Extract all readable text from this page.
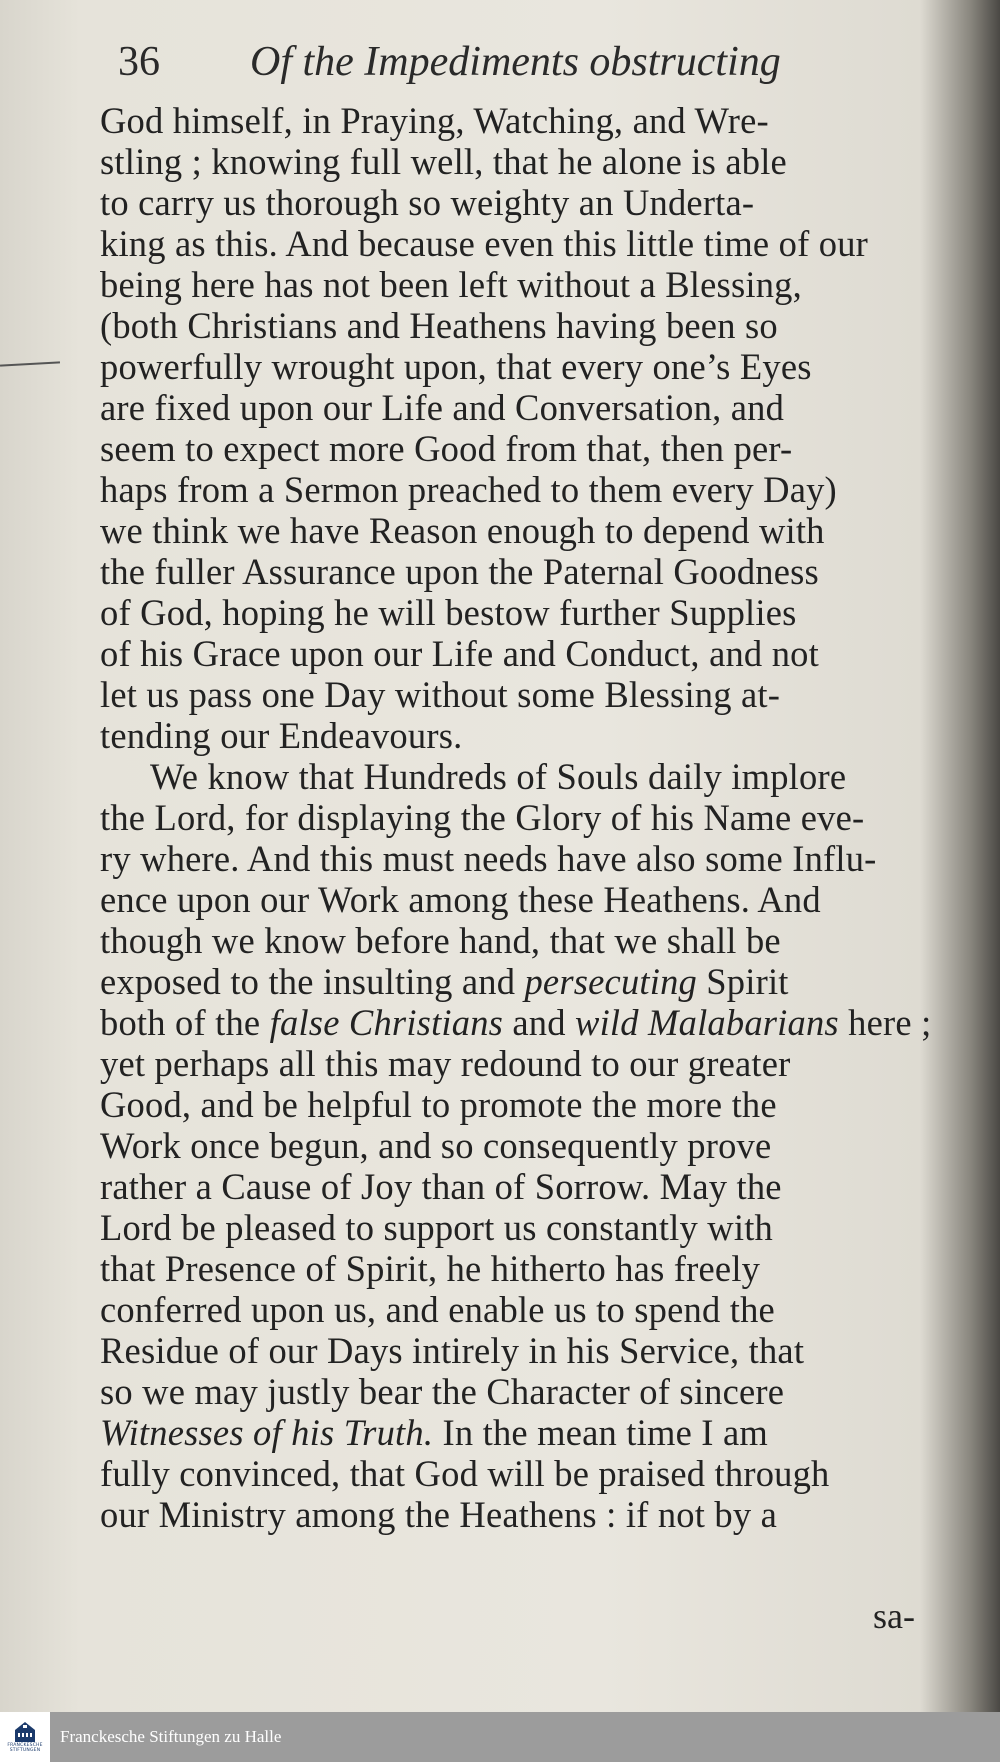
36 Of the Impediments obstructing
God himself, in Praying, Watching, and Wre-
stling ; knowing full well, that he alone is able
to carry us thorough so weighty an Underta-
king as this. And because even this little time of our
being here has not been left without a Blessing,
(both Christians and Heathens having been so
powerfully wrought upon, that every one’s Eyes
are fixed upon our Life and Conversation, and
seem to expect more Good from that, then per-
haps from a Sermon preached to them every Day)
we think we have Reason enough to depend with
the fuller Assurance upon the Paternal Goodness
of God, hoping he will bestow further Supplies
of his Grace upon our Life and Conduct, and not
let us pass one Day without some Blessing at-
tending our Endeavours.
We know that Hundreds of Souls daily implore
the Lord, for displaying the Glory of his Name eve-
ry where. And this must needs have also some Influ-
ence upon our Work among these Heathens. And
though we know before hand, that we shall be
exposed to the insulting and persecuting Spirit
both of the false Christians and wild Malabarians here ;
yet perhaps all this may redound to our greater
Good, and be helpful to promote the more the
Work once begun, and so consequently prove
rather a Cause of Joy than of Sorrow. May the
Lord be pleased to support us constantly with
that Presence of Spirit, he hitherto has freely
conferred upon us, and enable us to spend the
Residue of our Days intirely in his Service, that
so we may justly bear the Character of sincere
Witnesses of his Truth. In the mean time I am
fully convinced, that God will be praised through
our Ministry among the Heathens : if not by a
sa-
FRANCKESCHE STIFTUNGEN
Franckesche Stiftungen zu Halle
